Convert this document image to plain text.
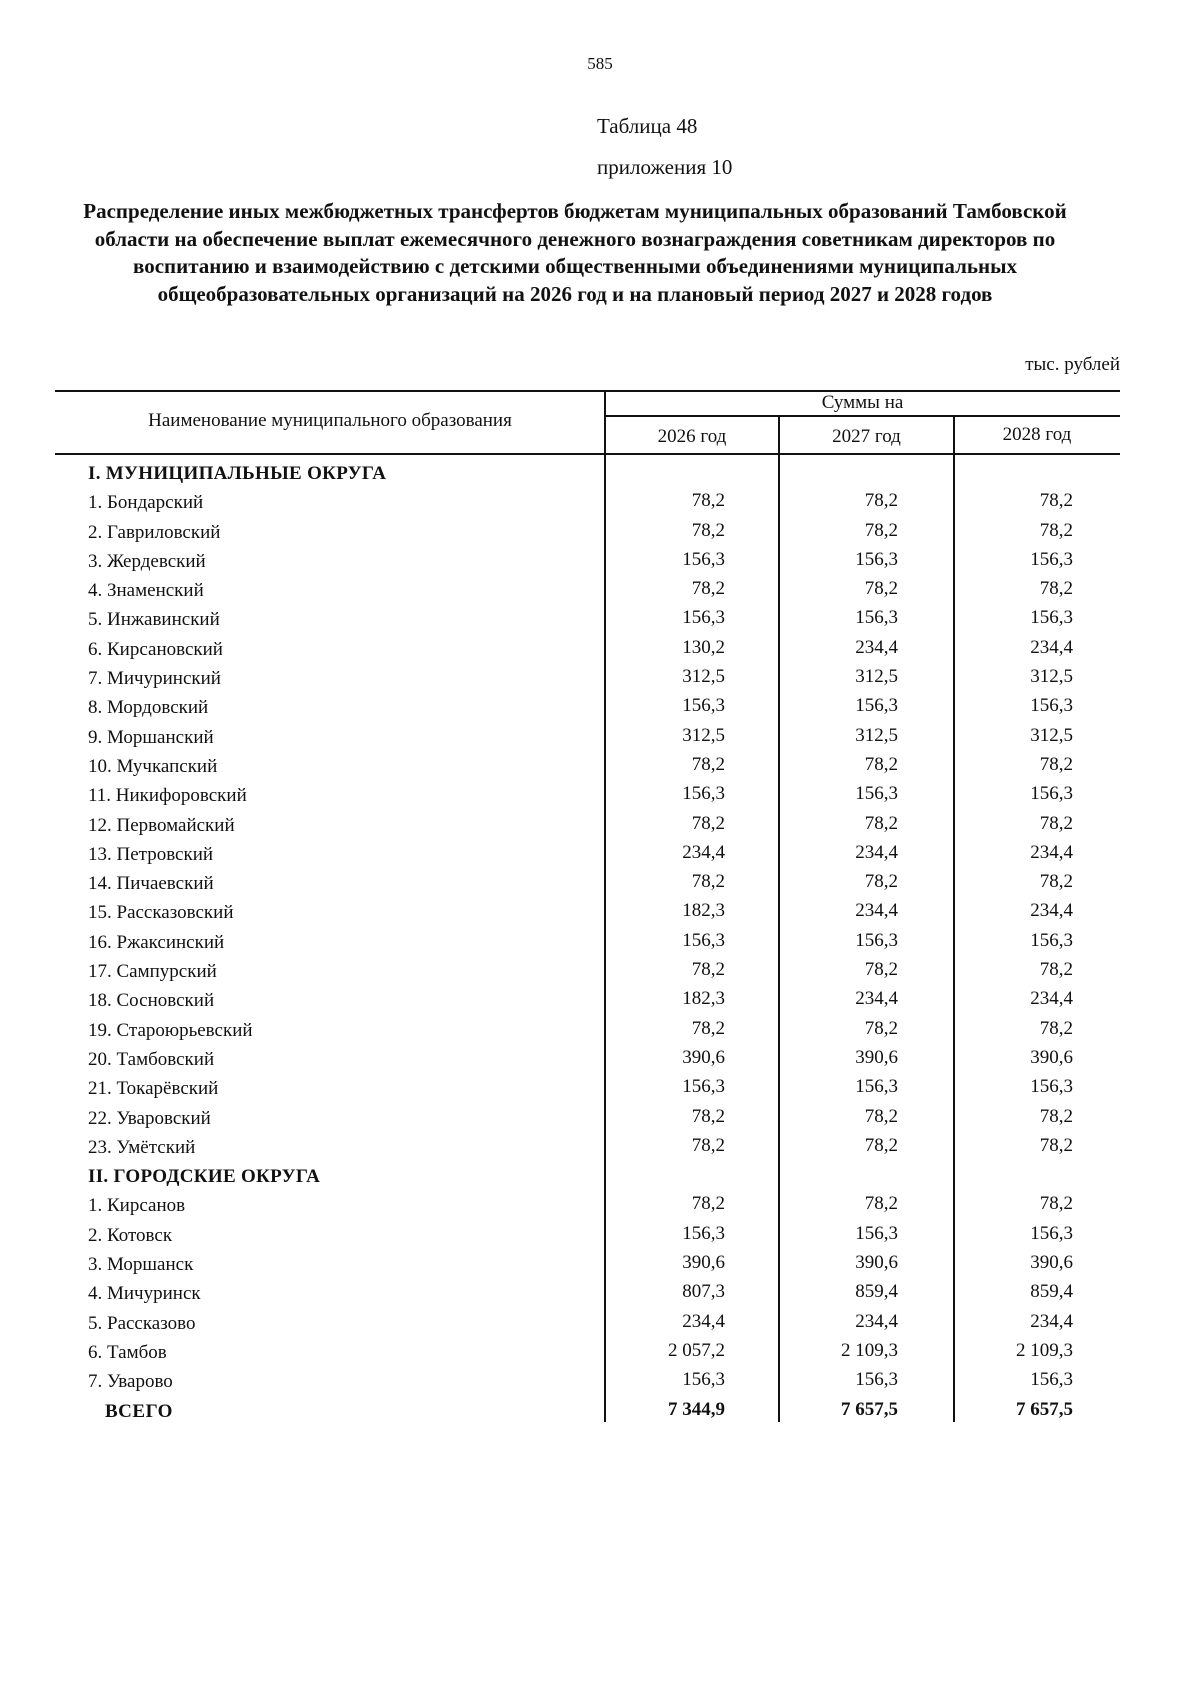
585
Таблица 48
приложения 10
Распределение иных межбюджетных трансфертов бюджетам муниципальных образований Тамбовской области на обеспечение выплат ежемесячного денежного вознаграждения советникам директоров по воспитанию и взаимодействию с детскими общественными объединениями муниципальных общеобразовательных организаций на 2026 год и на плановый период 2027 и 2028 годов
тыс. рублей
Наименование муниципального образования
Суммы на
2026 год	2027 год	2028 год
I. МУНИЦИПАЛЬНЫЕ ОКРУГА
1. Бондарский	78,2	78,2	78,2
2. Гавриловский	78,2	78,2	78,2
3. Жердевский	156,3	156,3	156,3
4. Знаменский	78,2	78,2	78,2
5. Инжавинский	156,3	156,3	156,3
6. Кирсановский	130,2	234,4	234,4
7. Мичуринский	312,5	312,5	312,5
8. Мордовский	156,3	156,3	156,3
9. Моршанский	312,5	312,5	312,5
10. Мучкапский	78,2	78,2	78,2
11. Никифоровский	156,3	156,3	156,3
12. Первомайский	78,2	78,2	78,2
13. Петровский	234,4	234,4	234,4
14. Пичаевский	78,2	78,2	78,2
15. Рассказовский	182,3	234,4	234,4
16. Ржаксинский	156,3	156,3	156,3
17. Сампурский	78,2	78,2	78,2
18. Сосновский	182,3	234,4	234,4
19. Староюрьевский	78,2	78,2	78,2
20. Тамбовский	390,6	390,6	390,6
21. Токарёвский	156,3	156,3	156,3
22. Уваровский	78,2	78,2	78,2
23. Умётский	78,2	78,2	78,2
II. ГОРОДСКИЕ ОКРУГА
1. Кирсанов	78,2	78,2	78,2
2. Котовск	156,3	156,3	156,3
3. Моршанск	390,6	390,6	390,6
4. Мичуринск	807,3	859,4	859,4
5. Рассказово	234,4	234,4	234,4
6. Тамбов	2 057,2	2 109,3	2 109,3
7. Уварово	156,3	156,3	156,3
ВСЕГО	7 344,9	7 657,5	7 657,5
